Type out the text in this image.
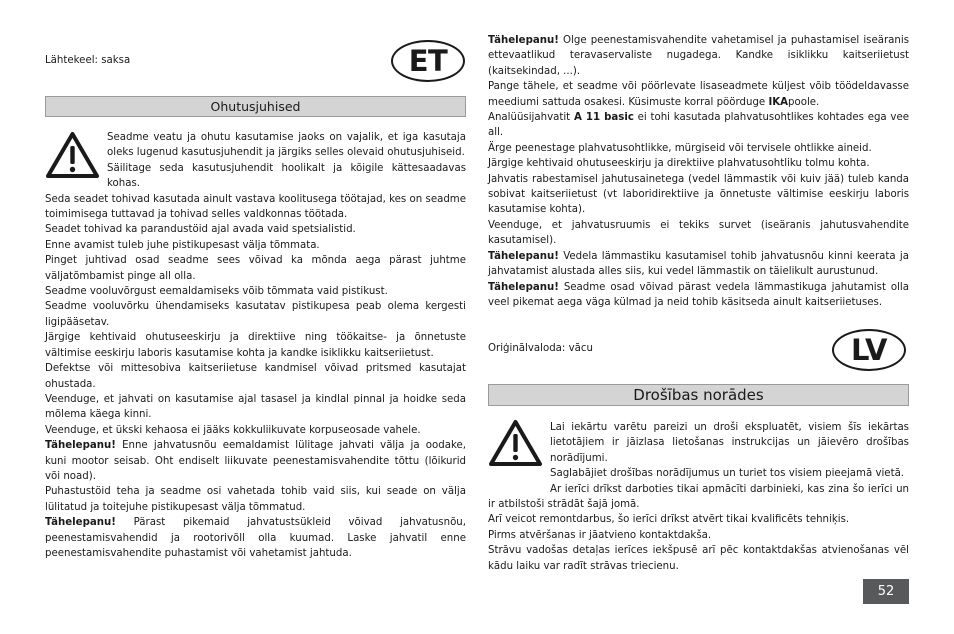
Lähtekeel: saksa	ET
Ohutusjuhised

Seadme veatu ja ohutu kasutamise jaoks on vajalik, et iga kasutaja oleks lugenud kasutusjuhendit ja järgiks selles olevaid ohutusjuhiseid.

Säilitage seda kasutusjuhendit hoolikalt ja kõigile kättesaadavas kohas.

Seda seadet tohivad kasutada ainult vastava koolitusega töötajad, kes on seadme toimimisega tuttavad ja tohivad selles valdkonnas töötada.

Seadet tohivad ka parandustöid ajal avada vaid spetsialistid.

Enne avamist tuleb juhe pistikupesast välja tõmmata.

Pinget juhtivad osad seadme sees võivad ka mõnda aega pärast juhtme väljatõmbamist pinge all olla.

Seadme vooluvõrgust eemaldamiseks võib tõmmata vaid pistikust.

Seadme vooluvõrku ühendamiseks kasutatav pistikupesa peab olema kergesti ligipääsetav.

Järgige kehtivaid ohutuseeskirju ja direktiive ning töökaitse- ja õnnetuste vältimise eeskirju laboris kasutamise kohta ja kandke isiklikku kaitseriietust.

Defektse või mittesobiva kaitseriietuse kandmisel võivad pritsmed kasutajat ohustada.

Veenduge, et jahvati on kasutamise ajal tasasel ja kindlal pinnal ja hoidke seda mõlema käega kinni.

Veenduge, et ükski kehaosa ei jääks kokkuliikuvate korpuseosade vahele.

Tähelepanu! Enne jahvatusnõu eemaldamist lülitage jahvati välja ja oodake, kuni mootor seisab. Oht endiselt liikuvate peenestamisvahendite tõttu (lõikurid või noad).

Puhastustöid teha ja seadme osi vahetada tohib vaid siis, kui seade on välja lülitatud ja toitejuhe pistikupesast välja tõmmatud.

Tähelepanu! Pärast pikemaid jahvatustsükleid võivad jahvatusnõu, peenestamisvahendid ja rootorivõll olla kuumad. Laske jahvatil enne peenestamisvahendite puhastamist või vahetamist jahtuda.

Tähelepanu! Olge peenestamisvahendite vahetamisel ja puhastamisel iseäranis ettevaatlikud teravaservaliste nugadega. Kandke isiklikku kaitseriietust (kaitsekindad, ...).

Pange tähele, et seadme või pöörlevate lisaseadmete küljest võib töödeldavasse meediumi sattuda osakesi. Küsimuste korral pöörduge IKApoole.

Analüüsijahvatit A 11 basic ei tohi kasutada plahvatusohtlikes kohtades ega vee all.

Ärge peenestage plahvatusohtlikke, mürgiseid või tervisele ohtlikke aineid.

Järgige kehtivaid ohutuseeskirju ja direktiive plahvatusohtliku tolmu kohta.

Jahvatis rabestamisel jahutusainetega (vedel lämmastik või kuiv jää) tuleb kanda sobivat kaitseriietust (vt laboridirektiive ja õnnetuste vältimise eeskirju laboris kasutamise kohta).

Veenduge, et jahvatusruumis ei tekiks survet (iseäranis jahutusvahendite kasutamisel).

Tähelepanu! Vedela lämmastiku kasutamisel tohib jahvatusnõu kinni keerata ja jahvatamist alustada alles siis, kui vedel lämmastik on täielikult aurustunud.

Tähelepanu! Seadme osad võivad pärast vedela lämmastikuga jahutamist olla veel pikemat aega väga külmad ja neid tohib käsitseda ainult kaitseriietuses.

Oriģinālvaloda: vācu	LV
Drošības norādes

Lai iekārtu varētu pareizi un droši ekspluatēt, visiem šīs iekārtas lietotājiem ir jāizlasa lietošanas instrukcijas un jāievēro drošības norādījumi.

Saglabājiet drošības norādījumus un turiet tos visiem pieejamā vietā.

Ar ierīci drīkst darboties tikai apmācīti darbinieki, kas zina šo ierīci un ir atbilstoši strādāt šajā jomā.

Arī veicot remontdarbus, šo ierīci drīkst atvērt tikai kvalificēts tehniķis.

Pirms atvēršanas ir jāatvieno kontaktdakša.

Strāvu vadošas detaļas ierīces iekšpusē arī pēc kontaktdakšas atvienošanas vēl kādu laiku var radīt strāvas triecienu.

52
